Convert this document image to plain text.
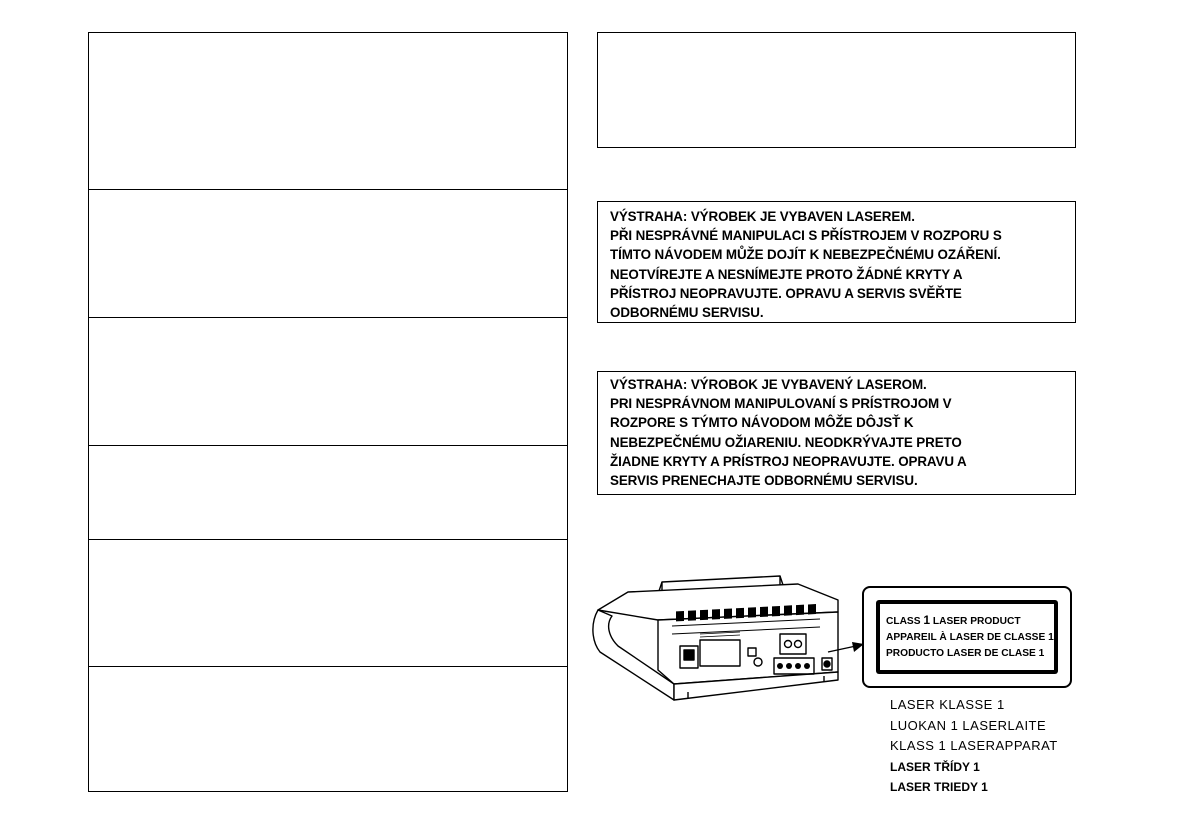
VÝSTRAHA: VÝROBEK JE VYBAVEN LASEREM.
PŘI NESPRÁVNÉ MANIPULACI S PŘÍSTROJEM V ROZPORU S
TÍMTO NÁVODEM MŮŽE DOJÍT K NEBEZPEČNÉMU OZÁŘENÍ.
NEOTVÍREJTE A NESNÍMEJTE PROTO ŽÁDNÉ KRYTY A
PŘÍSTROJ NEOPRAVUJTE. OPRAVU A SERVIS SVĚŘTE
ODBORNÉMU SERVISU.
VÝSTRAHA: VÝROBOK JE VYBAVENÝ LASEROM.
PRI NESPRÁVNOM MANIPULOVANÍ S PRÍSTROJOM V
ROZPORE S TÝMTO NÁVODOM MÔŽE DÔJSŤ K
NEBEZPEČNÉMU OŽIARENIU. NEODKRÝVAJTE PRETO
ŽIADNE KRYTY A PRÍSTROJ NEOPRAVUJTE. OPRAVU A
SERVIS PRENECHAJTE ODBORNÉMU SERVISU.
CLASS 1 LASER PRODUCT
APPAREIL À LASER DE CLASSE 1
PRODUCTO LASER DE CLASE 1
LASER KLASSE 1
LUOKAN 1 LASERLAITE
KLASS 1 LASERAPPARAT
LASER TŘÍDY 1
LASER TRIEDY 1
